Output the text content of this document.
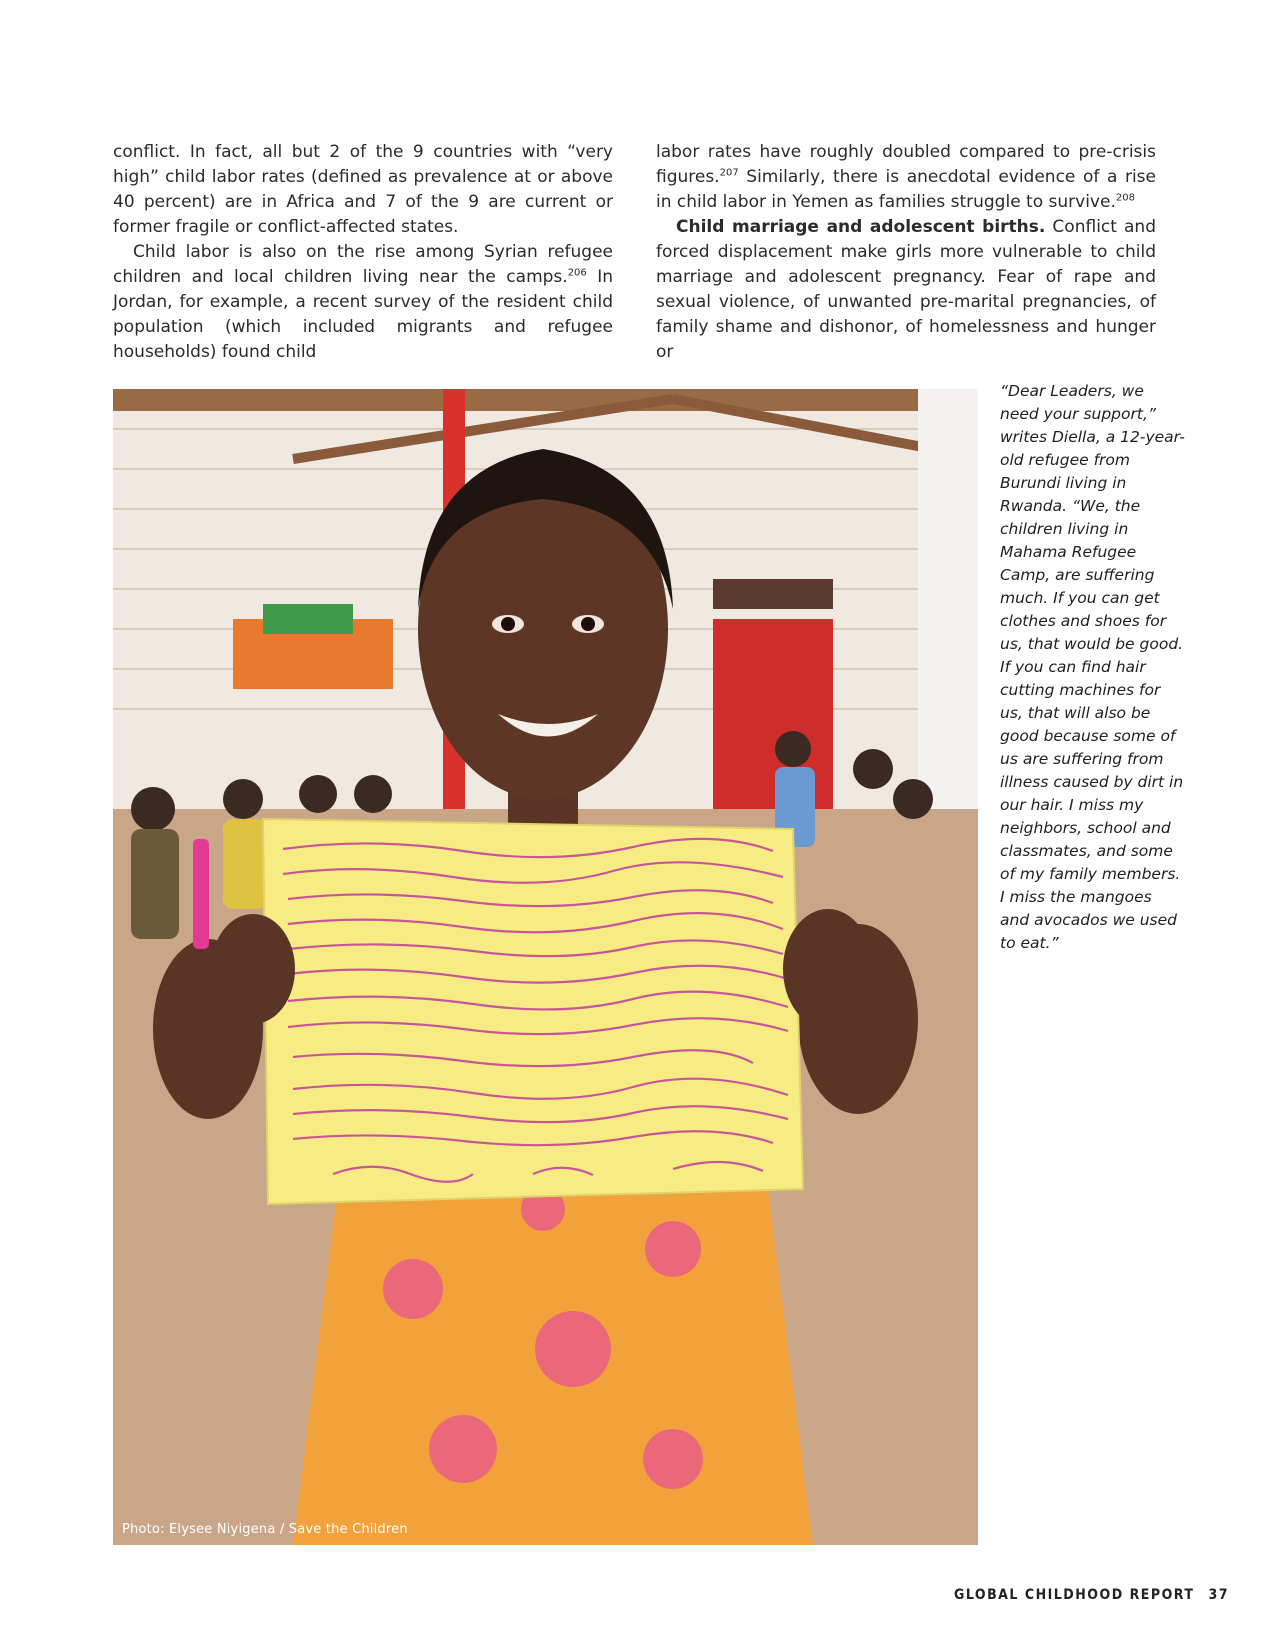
conflict. In fact, all but 2 of the 9 countries with “very high” child labor rates (defined as prevalence at or above 40 percent) are in Africa and 7 of the 9 are current or former fragile or conflict-affected states.

Child labor is also on the rise among Syrian refugee children and local children living near the camps.$^{206}$ In Jordan, for example, a recent survey of the resident child population (which included migrants and refugee households) found child

labor rates have roughly doubled compared to pre-crisis figures.$^{207}$ Similarly, there is anecdotal evidence of a rise in child labor in Yemen as families struggle to survive.$^{208}$

Child marriage and adolescent births. Conflict and forced displacement make girls more vulnerable to child marriage and adolescent pregnancy. Fear of rape and sexual violence, of unwanted pre-marital pregnancies, of family shame and dishonor, of homelessness and hunger or

Photo: Elysee Niyigena / Save the Children
“Dear Leaders, we need your support,” writes Diella, a 12-year-old refugee from Burundi living in Rwanda. “We, the children living in Mahama Refugee Camp, are suffering much. If you can get clothes and shoes for us, that would be good. If you can find hair cutting machines for us, that will also be good because some of us are suffering from illness caused by dirt in our hair. I miss my neighbors, school and classmates, and some of my family members. I miss the mangoes and avocados we used to eat.”
GLOBAL CHILDHOOD REPORT 37
